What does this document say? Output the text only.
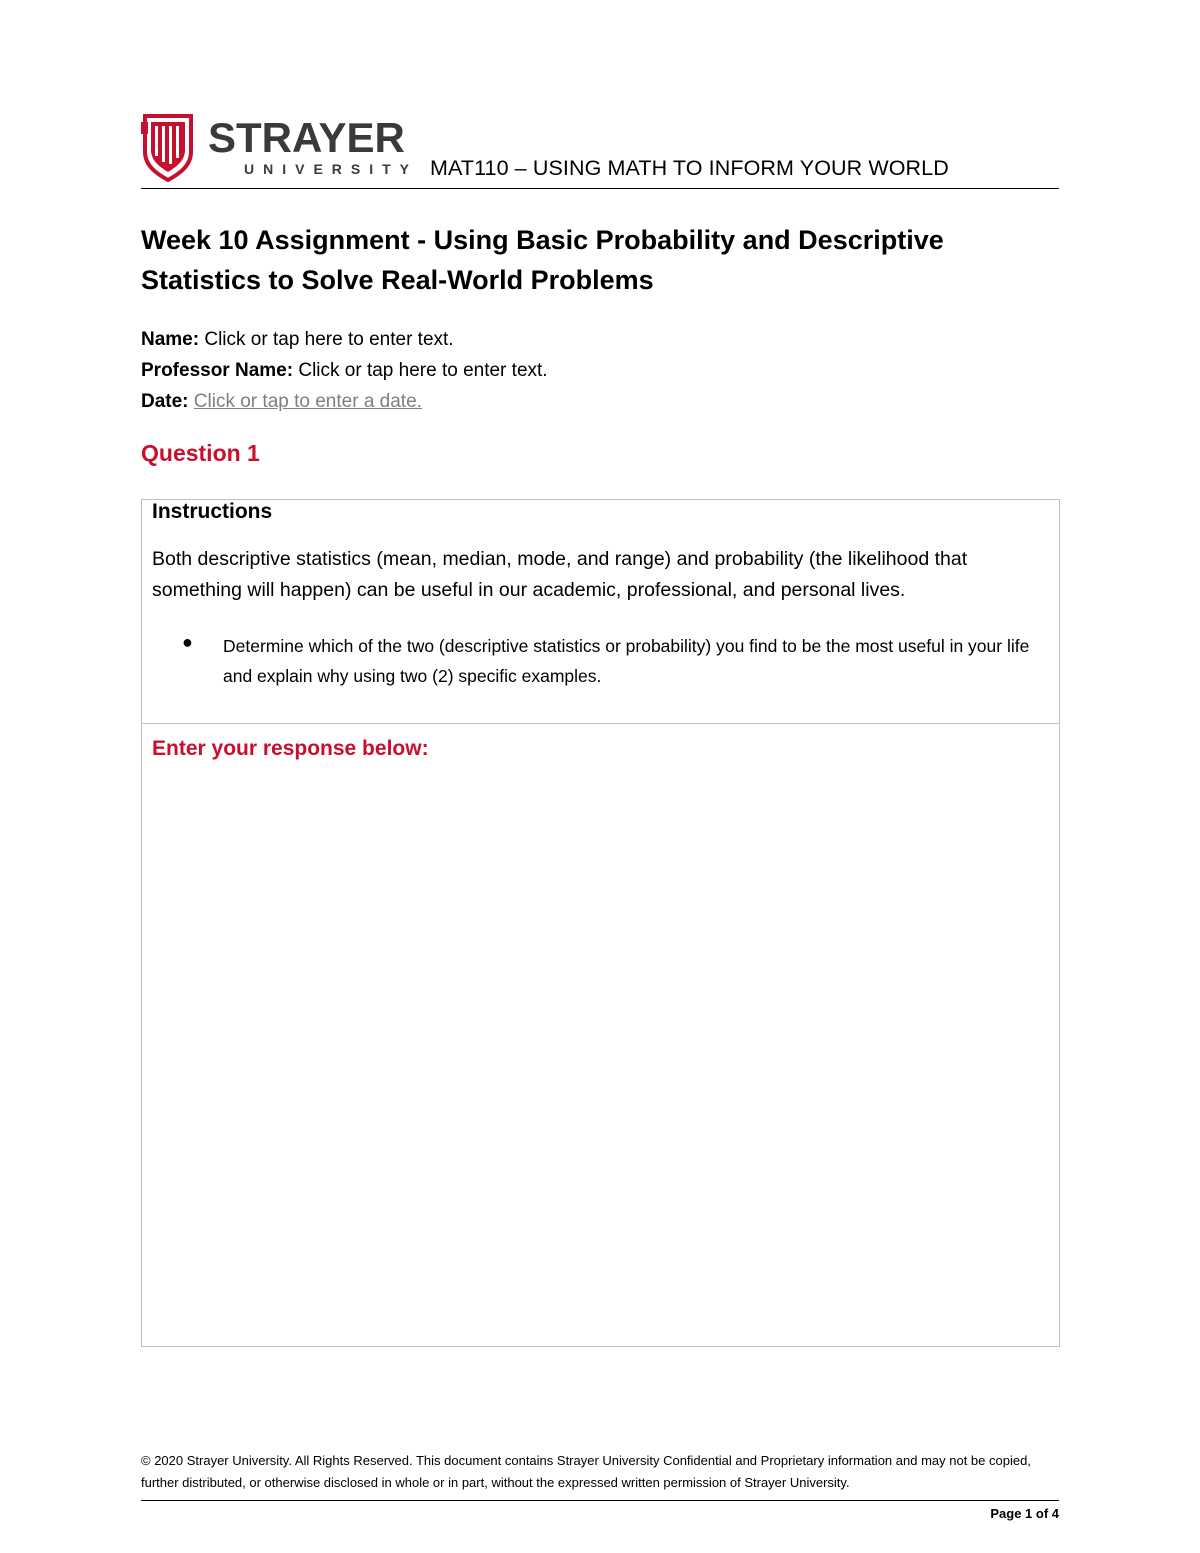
STRAYER
UNIVERSITY MAT110 – USING MATH TO INFORM YOUR WORLD
Week 10 Assignment - Using Basic Probability and Descriptive
Statistics to Solve Real-World Problems
Name: Click or tap here to enter text.
Professor Name: Click or tap here to enter text.
Date: Click or tap to enter a date.
Question 1
Instructions
Both descriptive statistics (mean, median, mode, and range) and probability (the likelihood that something will happen) can be useful in our academic, professional, and personal lives.
●	Determine which of the two (descriptive statistics or probability) you find to be the most useful in your life and explain why using two (2) specific examples.
Enter your response below:
© 2020 Strayer University. All Rights Reserved. This document contains Strayer University Confidential and Proprietary information and may not be copied, further distributed, or otherwise disclosed in whole or in part, without the expressed written permission of Strayer University.
Page 1 of 4
